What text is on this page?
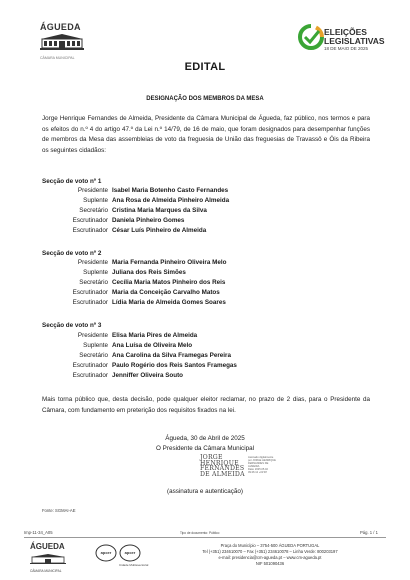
ÁGUEDA
CÂMARA MUNICIPAL
ELEIÇÕES
LEGISLATIVAS
18 DE MAIO DE 2025
EDITAL
DESIGNAÇÃO DOS MEMBROS DA MESA
Jorge Henrique Fernandes de Almeida, Presidente da Câmara Municipal de Águeda, faz público, nos termos e para os efeitos do n.º 4 do artigo 47.º da Lei n.º 14/79, de 16 de maio, que foram designados para desempenhar funções de membros da Mesa das assembleias de voto da freguesia de União das freguesias de Travassô e Óis da Ribeira os seguintes cidadãos:
Secção de voto nº 1
Presidente Isabel Maria Botenho Casto Fernandes
Suplente Ana Rosa de Almeida Pinheiro Almeida
Secretário Cristina Maria Marques da Silva
Escrutinador Daniela Pinheiro Gomes
Escrutinador César Luís Pinheiro de Almeida
Secção de voto nº 2
Presidente Maria Fernanda Pinheiro Oliveira Melo
Suplente Juliana dos Reis Simões
Secretário Cecília Maria Matos Pinheiro dos Reis
Escrutinador Maria da Conceição Carvalho Matos
Escrutinador Lídia Maria de Almeida Gomes Soares
Secção de voto nº 3
Presidente Elisa Maria Pires de Almeida
Suplente Ana Luísa de Oliveira Melo
Secretário Ana Carolina da Silva Framegas Pereira
Escrutinador Paulo Rogério dos Reis Santos Framegas
Escrutinador Jenniffer Oliveira Souto
Mais torna público que, desta decisão, pode qualquer eleitor reclamar, no prazo de 2 dias, para o Presidente da Câmara, com fundamento em preterição dos requisitos fixados na lei.
Águeda, 30 de Abril de 2025
O Presidente da Câmara Municipal
JORGE
HENRIQUE
FERNANDES
DE ALMEIDA
Assinado digitalmente
por JORGE HENRIQUE
FERNANDES DE
ALMEIDA
Data: 2025.05.02
09:26:12 +01'00'
(assinatura e autenticação)
Fonte: SGMAI-AE
Imp-11-34_A05	Tipo de documento: Público	Pág. 1 / 1
ÁGUEDA
CÂMARA MUNICIPAL
apcer	apcer
Cidade Multissectorial
Praça do Município – 3754-500 ÁGUEDA PORTUGAL
Tel (+351) 234610070 – Fax (+351) 234610078 – Linha Verde: 800203197
e-mail: presidencia@cm-agueda.pt – www.cm-agueda.pt
NIF 501090436
